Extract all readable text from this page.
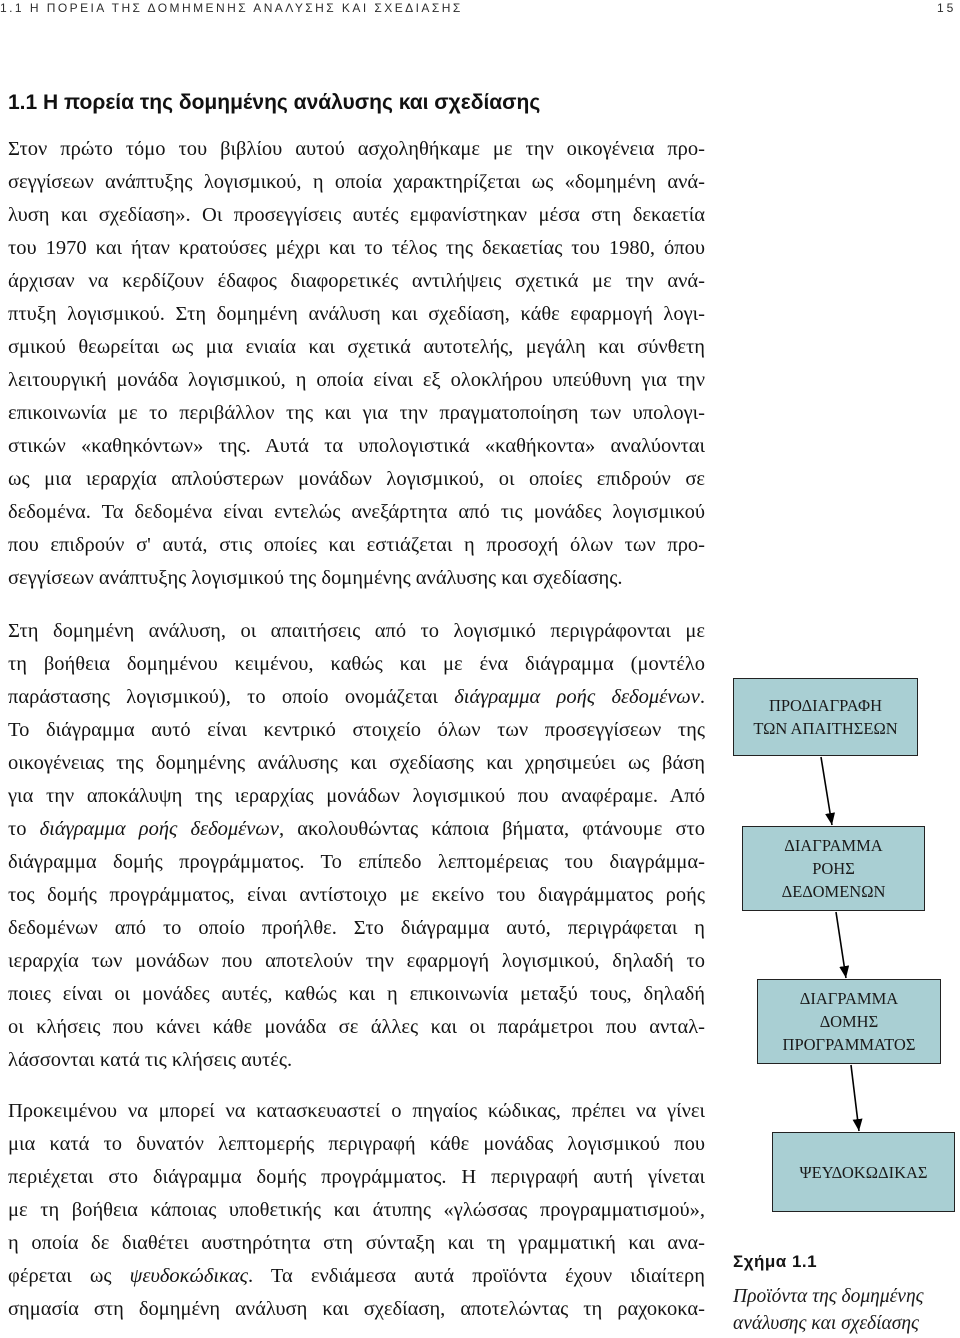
1.1 Η ΠΟΡΕΙΑ ΤΗΣ ΔΟΜΗΜΕΝΗΣ ΑΝΑΛΥΣΗΣ ΚΑΙ ΣΧΕΔΙΑΣΗΣ	15
1.1 Η πορεία της δομημένης ανάλυσης και σχεδίασης
Στον πρώτο τόμο του βιβλίου αυτού ασχοληθήκαμε με την οικογένεια προ-
σεγγίσεων ανάπτυξης λογισμικού, η οποία χαρακτηρίζεται ως «δομημένη ανά-
λυση και σχεδίαση». Οι προσεγγίσεις αυτές εμφανίστηκαν μέσα στη δεκαετία
του 1970 και ήταν κρατούσες μέχρι και το τέλος της δεκαετίας του 1980, όπου
άρχισαν να κερδίζουν έδαφος διαφορετικές αντιλήψεις σχετικά με την ανά-
πτυξη λογισμικού. Στη δομημένη ανάλυση και σχεδίαση, κάθε εφαρμογή λογι-
σμικού θεωρείται ως μια ενιαία και σχετικά αυτοτελής, μεγάλη και σύνθετη
λειτουργική μονάδα λογισμικού, η οποία είναι εξ ολοκλήρου υπεύθυνη για την
επικοινωνία με το περιβάλλον της και για την πραγματοποίηση των υπολογι-
στικών «καθηκόντων» της. Αυτά τα υπολογιστικά «καθήκοντα» αναλύονται
ως μια ιεραρχία απλούστερων μονάδων λογισμικού, οι οποίες επιδρούν σε
δεδομένα. Τα δεδομένα είναι εντελώς ανεξάρτητα από τις μονάδες λογισμικού
που επιδρούν σ' αυτά, στις οποίες και εστιάζεται η προσοχή όλων των προ-
σεγγίσεων ανάπτυξης λογισμικού της δομημένης ανάλυσης και σχεδίασης.
Στη δομημένη ανάλυση, οι απαιτήσεις από το λογισμικό περιγράφονται με
τη βοήθεια δομημένου κειμένου, καθώς και με ένα διάγραμμα (μοντέλο
παράστασης λογισμικού), το οποίο ονομάζεται διάγραμμα ροής δεδομένων.
Το διάγραμμα αυτό είναι κεντρικό στοιχείο όλων των προσεγγίσεων της
οικογένειας της δομημένης ανάλυσης και σχεδίασης και χρησιμεύει ως βάση
για την αποκάλυψη της ιεραρχίας μονάδων λογισμικού που αναφέραμε. Από
το διάγραμμα ροής δεδομένων, ακολουθώντας κάποια βήματα, φτάνουμε στο
διάγραμμα δομής προγράμματος. Το επίπεδο λεπτομέρειας του διαγράμμα-
τος δομής προγράμματος, είναι αντίστοιχο με εκείνο του διαγράμματος ροής
δεδομένων από το οποίο προήλθε. Στο διάγραμμα αυτό, περιγράφεται η
ιεραρχία των μονάδων που αποτελούν την εφαρμογή λογισμικού, δηλαδή το
ποιες είναι οι μονάδες αυτές, καθώς και η επικοινωνία μεταξύ τους, δηλαδή
οι κλήσεις που κάνει κάθε μονάδα σε άλλες και οι παράμετροι που ανταλ-
λάσσονται κατά τις κλήσεις αυτές.
Προκειμένου να μπορεί να κατασκευαστεί ο πηγαίος κώδικας, πρέπει να γίνει
μια κατά το δυνατόν λεπτομερής περιγραφή κάθε μονάδας λογισμικού που
περιέχεται στο διάγραμμα δομής προγράμματος. Η περιγραφή αυτή γίνεται
με τη βοήθεια κάποιας υποθετικής και άτυπης «γλώσσας προγραμματισμού»,
η οποία δε διαθέτει αυστηρότητα στη σύνταξη και τη γραμματική και ανα-
φέρεται ως ψευδοκώδικας. Τα ενδιάμεσα αυτά προϊόντα έχουν ιδιαίτερη
σημασία στη δομημένη ανάλυση και σχεδίαση, αποτελώντας τη ραχοκοκα-
ΠΡΟΔΙΑΓΡΑΦΗ
ΤΩΝ ΑΠΑΙΤΗΣΕΩΝ
ΔΙΑΓΡΑΜΜΑ
ΡΟΗΣ
ΔΕΔΟΜΕΝΩΝ
ΔΙΑΓΡΑΜΜΑ
ΔΟΜΗΣ
ΠΡΟΓΡΑΜΜΑΤΟΣ
ΨΕΥΔΟΚΩΔΙΚΑΣ
Σχήμα 1.1
Προϊόντα της δομημένης
ανάλυσης και σχεδίασης
